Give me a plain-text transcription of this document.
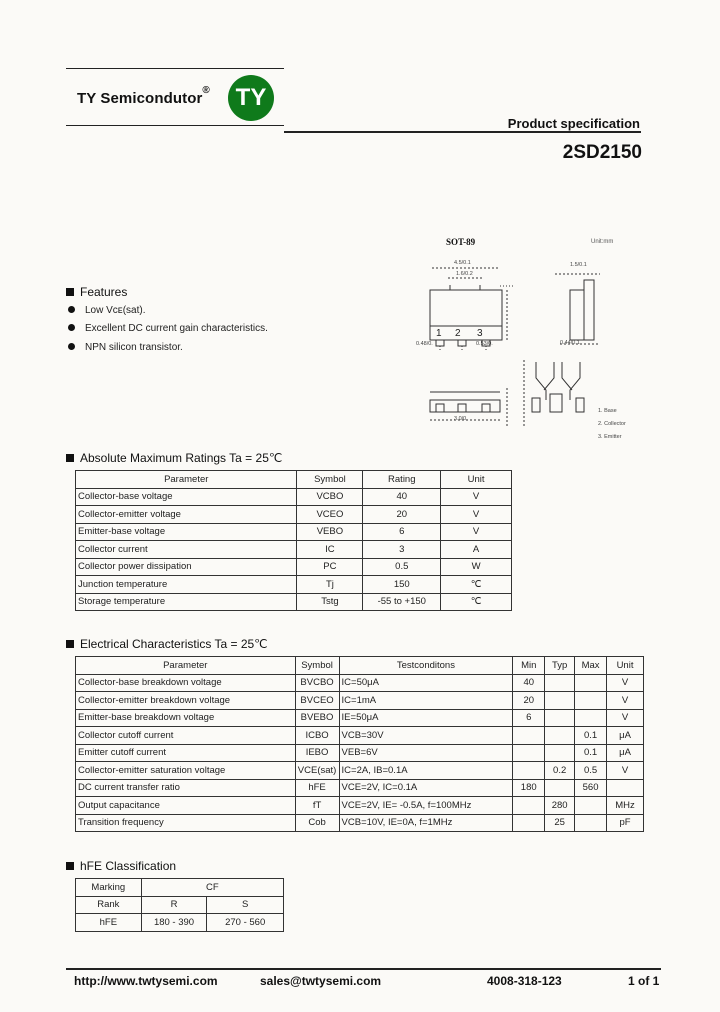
TY Semicondutor®	TY
Product specification
2SD2150
SOT-89	Unit:mm
4.5/0.1
1.6/0.2
0.48/0.	0.53/0.	0.44/0.1
1.5/0.1
3.0/0.
1. Base
2. Collector
3. Emitter
1 2 3
Features
Low Vᴄᴇ(sat).
Excellent DC current gain characteristics.
NPN silicon transistor.
Absolute Maximum Ratings Ta = 25℃
Parameter	Symbol	Rating	Unit
Collector-base voltage	VCBO	40	V
Collector-emitter voltage	VCEO	20	V
Emitter-base voltage	VEBO	6	V
Collector current	IC	3	A
Collector power dissipation	PC	0.5	W
Junction temperature	Tj	150	℃
Storage temperature	Tstg	-55 to +150	℃
Electrical Characteristics Ta = 25℃
Parameter	Symbol	Testconditons	Min	Typ	Max	Unit
Collector-base breakdown voltage	BVCBO	IC=50μA	40			V
Collector-emitter breakdown voltage	BVCEO	IC=1mA	20			V
Emitter-base breakdown voltage	BVEBO	IE=50μA	6			V
Collector cutoff current	ICBO	VCB=30V			0.1	μA
Emitter cutoff current	IEBO	VEB=6V			0.1	μA
Collector-emitter saturation voltage	VCE(sat)	IC=2A, IB=0.1A		0.2	0.5	V
DC current transfer ratio	hFE	VCE=2V, IC=0.1A	180		560	
Output capacitance	fT	VCE=2V, IE= -0.5A, f=100MHz		280		MHz
Transition frequency	Cob	VCB=10V, IE=0A, f=1MHz		25		pF
hFE Classification
Marking	CF	
Rank	R	S
hFE	180 - 390	270 - 560
http://www.twtysemi.com	sales@twtysemi.com	4008-318-123	1 of 1
